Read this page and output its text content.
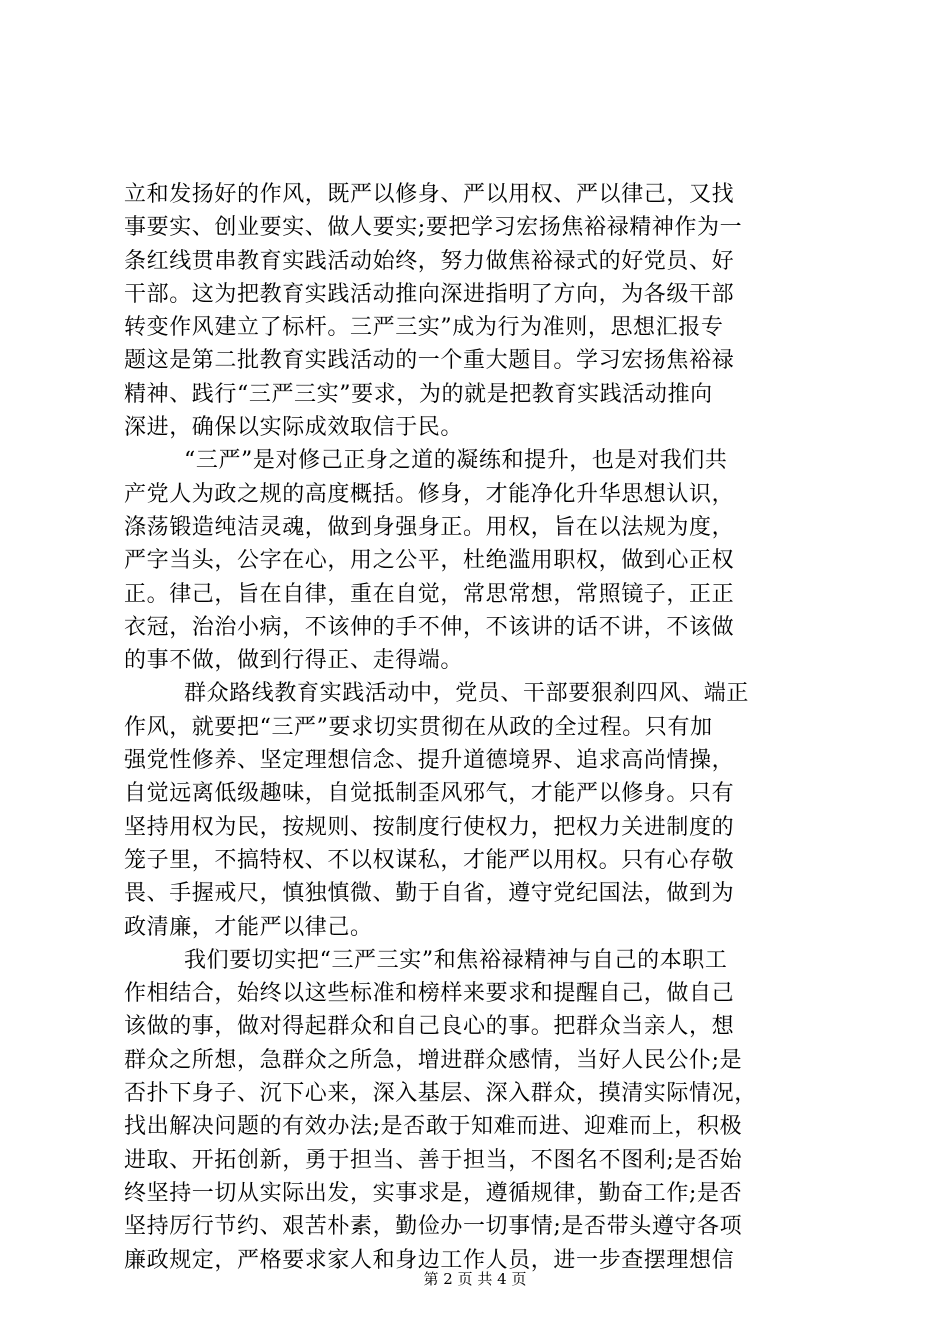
立和发扬好的作风，既严以修身、严以用权、严以律己，又找
事要实、创业要实、做人要实;要把学习宏扬焦裕禄精神作为一
条红线贯串教育实践活动始终，努力做焦裕禄式的好党员、好
干部。这为把教育实践活动推向深进指明了方向，为各级干部
转变作风建立了标杆。三严三实”成为行为准则，思想汇报专
题这是第二批教育实践活动的一个重大题目。学习宏扬焦裕禄
精神、践行“三严三实”要求，为的就是把教育实践活动推向
深进，确保以实际成效取信于民。
“三严”是对修己正身之道的凝练和提升，也是对我们共
产党人为政之规的高度概括。修身，才能净化升华思想认识，
涤荡锻造纯洁灵魂，做到身强身正。用权，旨在以法规为度，
严字当头，公字在心，用之公平，杜绝滥用职权，做到心正权
正。律己，旨在自律，重在自觉，常思常想，常照镜子，正正
衣冠，治治小病，不该伸的手不伸，不该讲的话不讲，不该做
的事不做，做到行得正、走得端。
群众路线教育实践活动中，党员、干部要狠刹四风、端正
作风，就要把“三严”要求切实贯彻在从政的全过程。只有加
强党性修养、坚定理想信念、提升道德境界、追求高尚情操，
自觉远离低级趣味，自觉抵制歪风邪气，才能严以修身。只有
坚持用权为民，按规则、按制度行使权力，把权力关进制度的
笼子里，不搞特权、不以权谋私，才能严以用权。只有心存敬
畏、手握戒尺，慎独慎微、勤于自省，遵守党纪国法，做到为
政清廉，才能严以律己。
我们要切实把“三严三实”和焦裕禄精神与自己的本职工
作相结合，始终以这些标准和榜样来要求和提醒自己，做自己
该做的事，做对得起群众和自己良心的事。把群众当亲人，想
群众之所想，急群众之所急，增进群众感情，当好人民公仆;是
否扑下身子、沉下心来，深入基层、深入群众，摸清实际情况，
找出解决问题的有效办法;是否敢于知难而进、迎难而上，积极
进取、开拓创新，勇于担当、善于担当，不图名不图利;是否始
终坚持一切从实际出发，实事求是，遵循规律，勤奋工作;是否
坚持厉行节约、艰苦朴素，勤俭办一切事情;是否带头遵守各项
廉政规定，严格要求家人和身边工作人员，进一步查摆理想信
第 2 页 共 4 页
